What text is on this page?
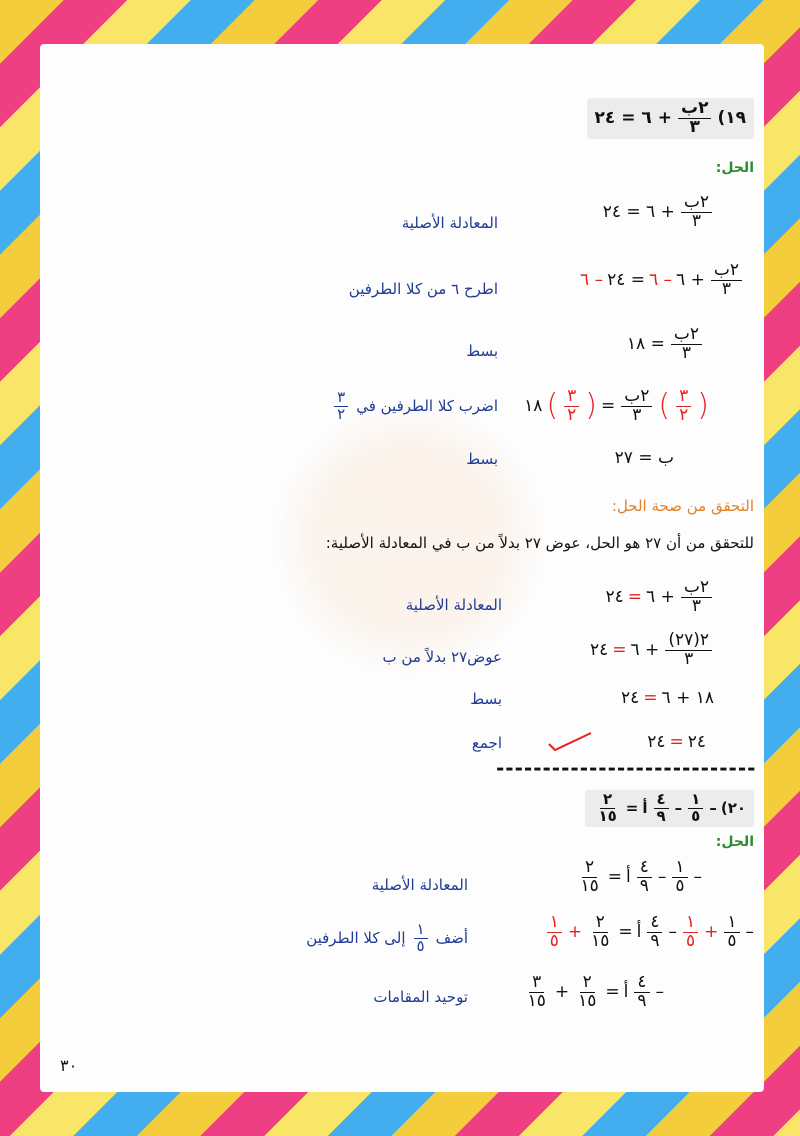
١٩)
$\frac{\text{٢ب}}{٣}$
+ ٦ = ٢٤
الحل:
$\frac{\text{٢ب}}{٣}$
+ ٦ = ٢٤
المعادلة الأصلية
$\frac{\text{٢ب}}{٣}$
+ ٦
– ٦
= ٢٤
– ٦
اطرح ٦ من كلا الطرفين
$\frac{\text{٢ب}}{٣}$
= ١٨
بسط
(
$\frac{٣}{٢}$
)
$\frac{\text{٢ب}}{٣}$
=
(
$\frac{٣}{٢}$
)
١٨
اضرب كلا الطرفين في
$\frac{٣}{٢}$
ب = ٢٧
بسط
التحقق من صحة الحل:
للتحقق من أن ٢٧ هو الحل، عوض ٢٧ بدلاً من ب في المعادلة الأصلية:
$\frac{\text{٢ب}}{٣}$
+ ٦
=
٢٤
المعادلة الأصلية
$\frac{٢(٢٧)}{٣}$
+ ٦
=
٢٤
عوض٢٧ بدلاً من ب
١٨ + ٦
=
٢٤
بسط
٢٤
=
٢٤
اجمع
----------------------------
٢٠)
–
$\frac{١}{٥}$
–
$\frac{٤}{٩}$
أ
=
$\frac{٢}{١٥}$
الحل:
–
$\frac{١}{٥}$
–
$\frac{٤}{٩}$
أ
=
$\frac{٢}{١٥}$
المعادلة الأصلية
–
$\frac{١}{٥}$
+
$\frac{١}{٥}$
–
$\frac{٤}{٩}$
أ
=
$\frac{٢}{١٥}$
+
$\frac{١}{٥}$
أضف
$\frac{١}{٥}$
إلى كلا الطرفين
–
$\frac{٤}{٩}$
أ
=
$\frac{٢}{١٥}$
+
$\frac{٣}{١٥}$
توحيد المقامات
٣٠
